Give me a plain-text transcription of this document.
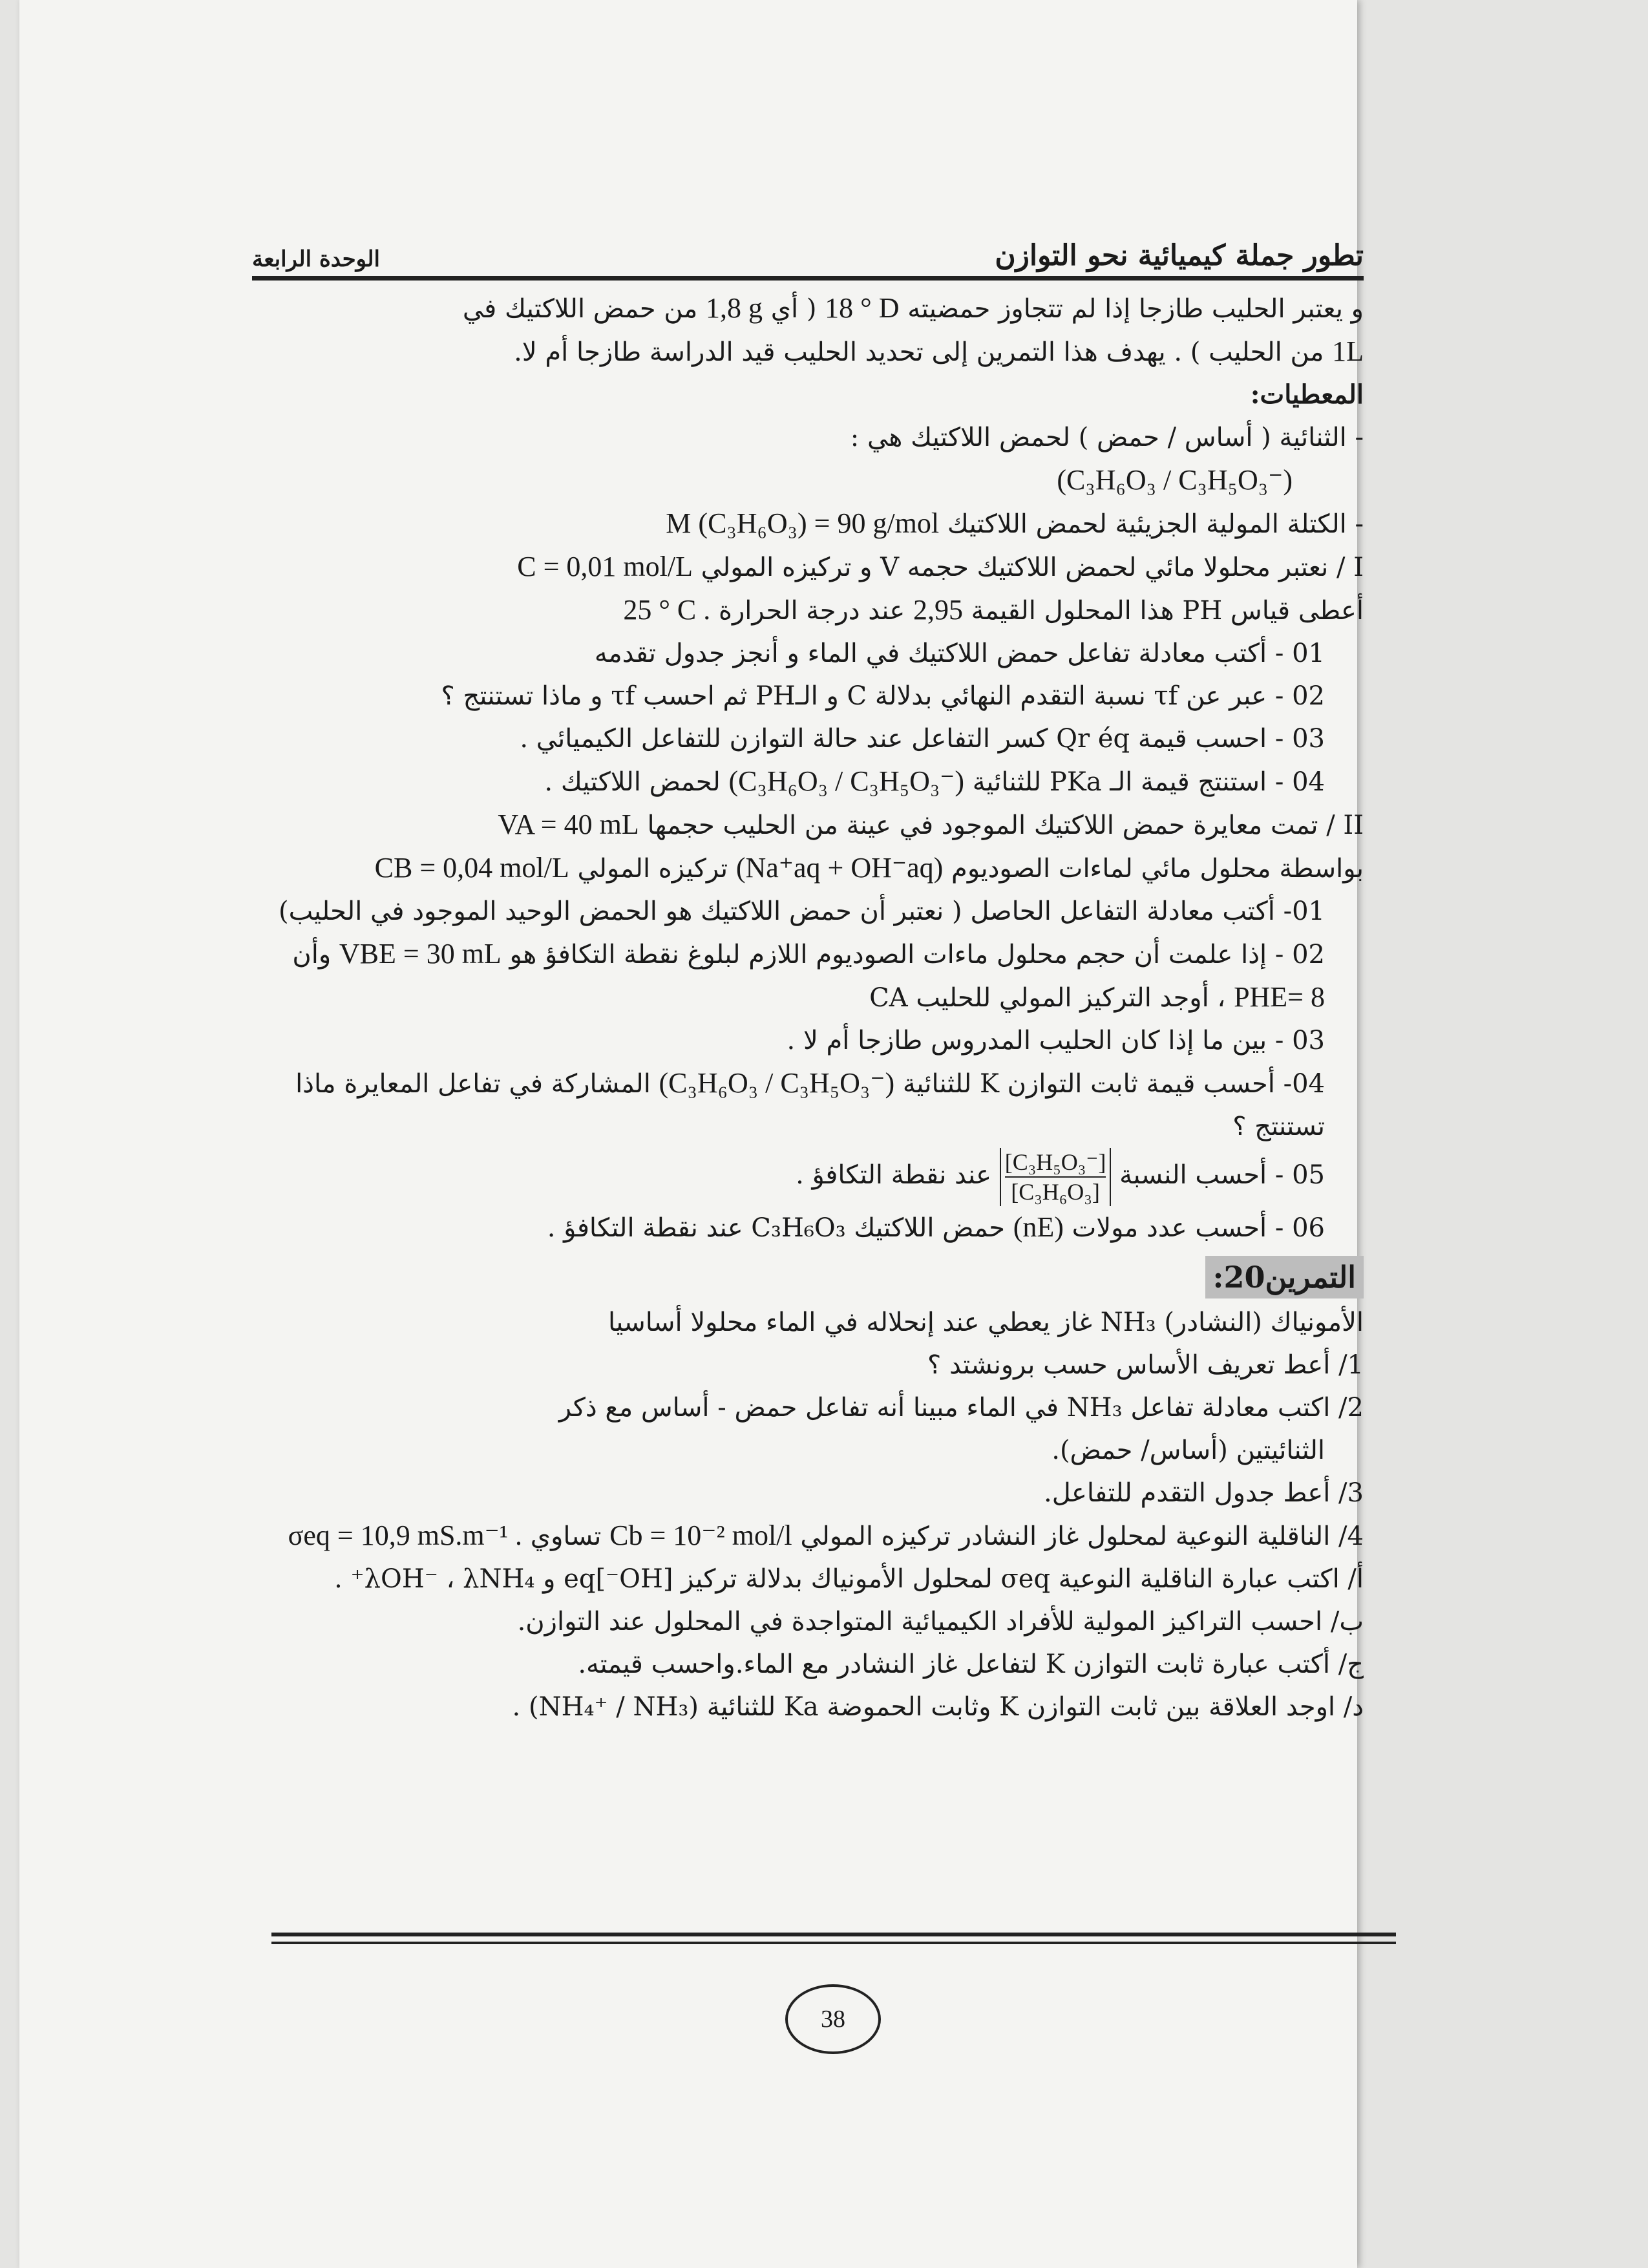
تطور جملة كيميائية نحو التوازن
الوحدة الرابعة

و يعتبر الحليب طازجا إذا لم تتجاوز حمضيته 18 ° D ( أي 1,8 g من حمض اللاكتيك في

1L من الحليب ) . يهدف هذا التمرين إلى تحديد الحليب قيد الدراسة طازجا أم لا.

المعطيات:

- الثنائية ( أساس / حمض ) لحمض اللاكتيك هي :

(C₃H₆O₃ / C₃H₅O₃⁻)

- الكتلة المولية الجزيئية لحمض اللاكتيك M (C₃H₆O₃) = 90 g/mol

I / نعتبر محلولا مائي لحمض اللاكتيك حجمه V و تركيزه المولي C = 0,01 mol/L

أعطى قياس PH هذا المحلول القيمة 2,95 عند درجة الحرارة 25 ° C .

01 - أكتب معادلة تفاعل حمض اللاكتيك في الماء و أنجز جدول تقدمه

02 - عبر عن τf نسبة التقدم النهائي بدلالة C و الـPH ثم احسب τf و ماذا تستنتج ؟

03 - احسب قيمة Qr éq كسر التفاعل عند حالة التوازن للتفاعل الكيميائي .

04 - استنتج قيمة الـ PKa للثنائية (C₃H₆O₃ / C₃H₅O₃⁻) لحمض اللاكتيك .

II / تمت معايرة حمض اللاكتيك الموجود في عينة من الحليب حجمها VA = 40 mL

بواسطة محلول مائي لماءات الصوديوم (Na⁺aq + OH⁻aq) تركيزه المولي CB = 0,04 mol/L

01- أكتب معادلة التفاعل الحاصل ( نعتبر أن حمض اللاكتيك هو الحمض الوحيد الموجود في الحليب)

02 - إذا علمت أن حجم محلول ماءات الصوديوم اللازم لبلوغ نقطة التكافؤ هو VBE = 30 mL وأن PHE= 8 ، أوجد التركيز المولي للحليب CA

03 - بين ما إذا كان الحليب المدروس طازجا أم لا .

04- أحسب قيمة ثابت التوازن K للثنائية (C₃H₆O₃ / C₃H₅O₃⁻) المشاركة في تفاعل المعايرة ماذا تستنتج ؟

05 - أحسب النسبة
$\frac{\text{[C₃H₅O₃⁻]}}{\text{[C₃H₆O₃]}}$
عند نقطة التكافؤ .

06 - أحسب عدد مولات (nE) حمض اللاكتيك C₃H₆O₃ عند نقطة التكافؤ .

التمرين20:

الأمونياك (النشادر) NH₃ غاز يعطي عند إنحلاله في الماء محلولا أساسيا

1/ أعط تعريف الأساس حسب برونشتد ؟

2/ اكتب معادلة تفاعل NH₃ في الماء مبينا أنه تفاعل حمض - أساس مع ذكر

الثنائيتين (أساس/ حمض).

3/ أعط جدول التقدم للتفاعل.

4/ الناقلية النوعية لمحلول غاز النشادر تركيزه المولي Cb = 10⁻² mol/l تساوي σeq = 10,9 mS.m⁻¹ .

أ/ اكتب عبارة الناقلية النوعية σeq لمحلول الأمونياك بدلالة تركيز [OH⁻]eq و λOH⁻ ، λNH₄⁺ .

ب/ احسب التراكيز المولية للأفراد الكيميائية المتواجدة في المحلول عند التوازن.

ج/ أكتب عبارة ثابت التوازن K لتفاعل غاز النشادر مع الماء.واحسب قيمته.

د/ اوجد العلاقة بين ثابت التوازن K وثابت الحموضة Ka للثنائية (NH₄⁺ / NH₃) .

38
